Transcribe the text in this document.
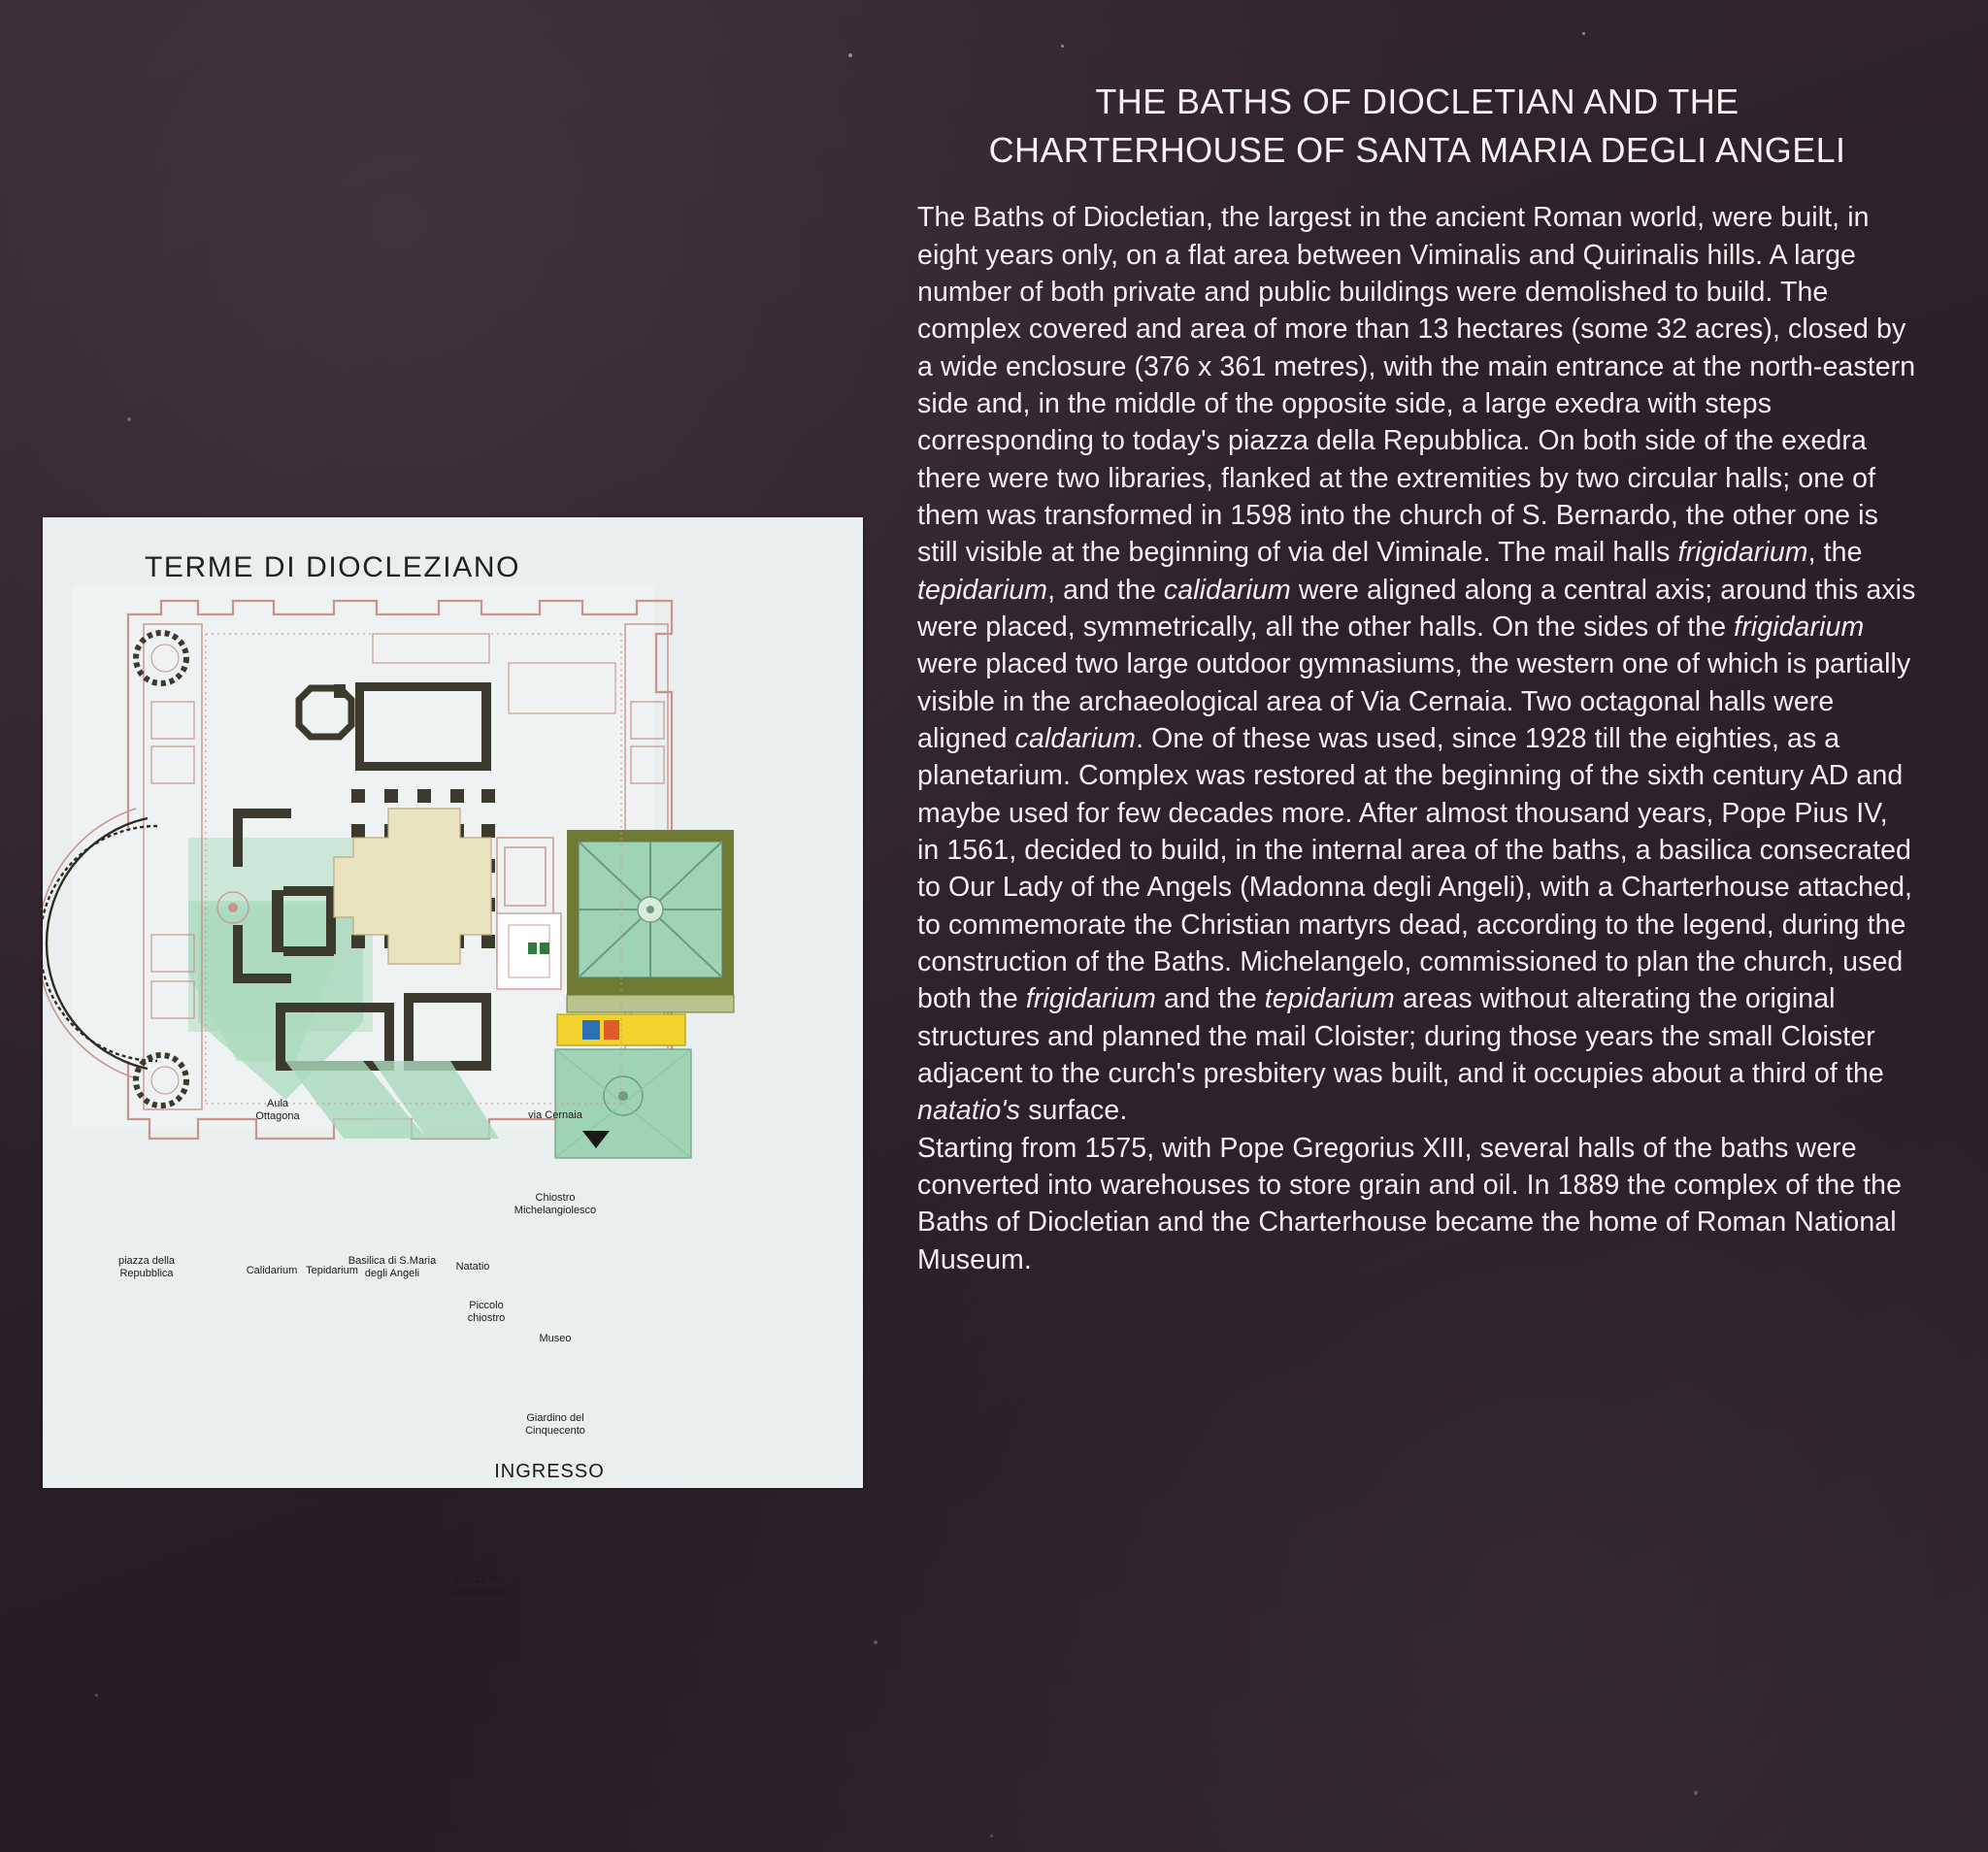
TERME DI DIOCLEZIANO
Aula
Ottagona	via Cernaia
Chiostro
Michelangiolesco
piazza della
Repubblica	Calidarium Tepidarium
Basilica di S.Maria
degli Angeli
Natatio
Piccolo
chiostro
Museo
Giardino del
Cinquecento
INGRESSO
piazza dei
Cinquecento
THE BATHS OF DIOCLETIAN AND THE
CHARTERHOUSE OF SANTA MARIA DEGLI ANGELI

The Baths of Diocletian, the largest in the ancient Roman world, were built, in eight years only, on a flat area between Viminalis and Quirinalis hills. A large number of both private and public buildings were demolished to build. The complex covered and area of more than 13 hectares (some 32 acres), closed by a wide enclosure (376 x 361 metres), with the main entrance at the north-eastern side and, in the middle of the opposite side, a large exedra with steps corresponding to today's piazza della Repubblica. On both side of the exedra there were two libraries, flanked at the extremities by two circular halls; one of them was transformed in 1598 into the church of S. Bernardo, the other one is still visible at the beginning of via del Viminale. The mail halls frigidarium, the tepidarium, and the calidarium were aligned along a central axis; around this axis were placed, symmetrically, all the other halls. On the sides of the frigidarium were placed two large outdoor gymnasiums, the western one of which is partially visible in the archaeological area of Via Cernaia. Two octagonal halls were aligned caldarium. One of these was used, since 1928 till the eighties, as a planetarium. Complex was restored at the beginning of the sixth century AD and maybe used for few decades more. After almost thousand years, Pope Pius IV, in 1561, decided to build, in the internal area of the baths, a basilica consecrated to Our Lady of the Angels (Madonna degli Angeli), with a Charterhouse attached, to commemorate the Christian martyrs dead, according to the legend, during the construction of the Baths. Michelangelo, commissioned to plan the church, used both the frigidarium and the tepidarium areas without alterating the original structures and planned the mail Cloister; during those years the small Cloister adjacent to the curch's presbitery was built, and it occupies about a third of the natatio's surface.

Starting from 1575, with Pope Gregorius XIII, several halls of the baths were converted into warehouses to store grain and oil. In 1889 the complex of the the Baths of Diocletian and the Charterhouse became the home of Roman National Museum.
